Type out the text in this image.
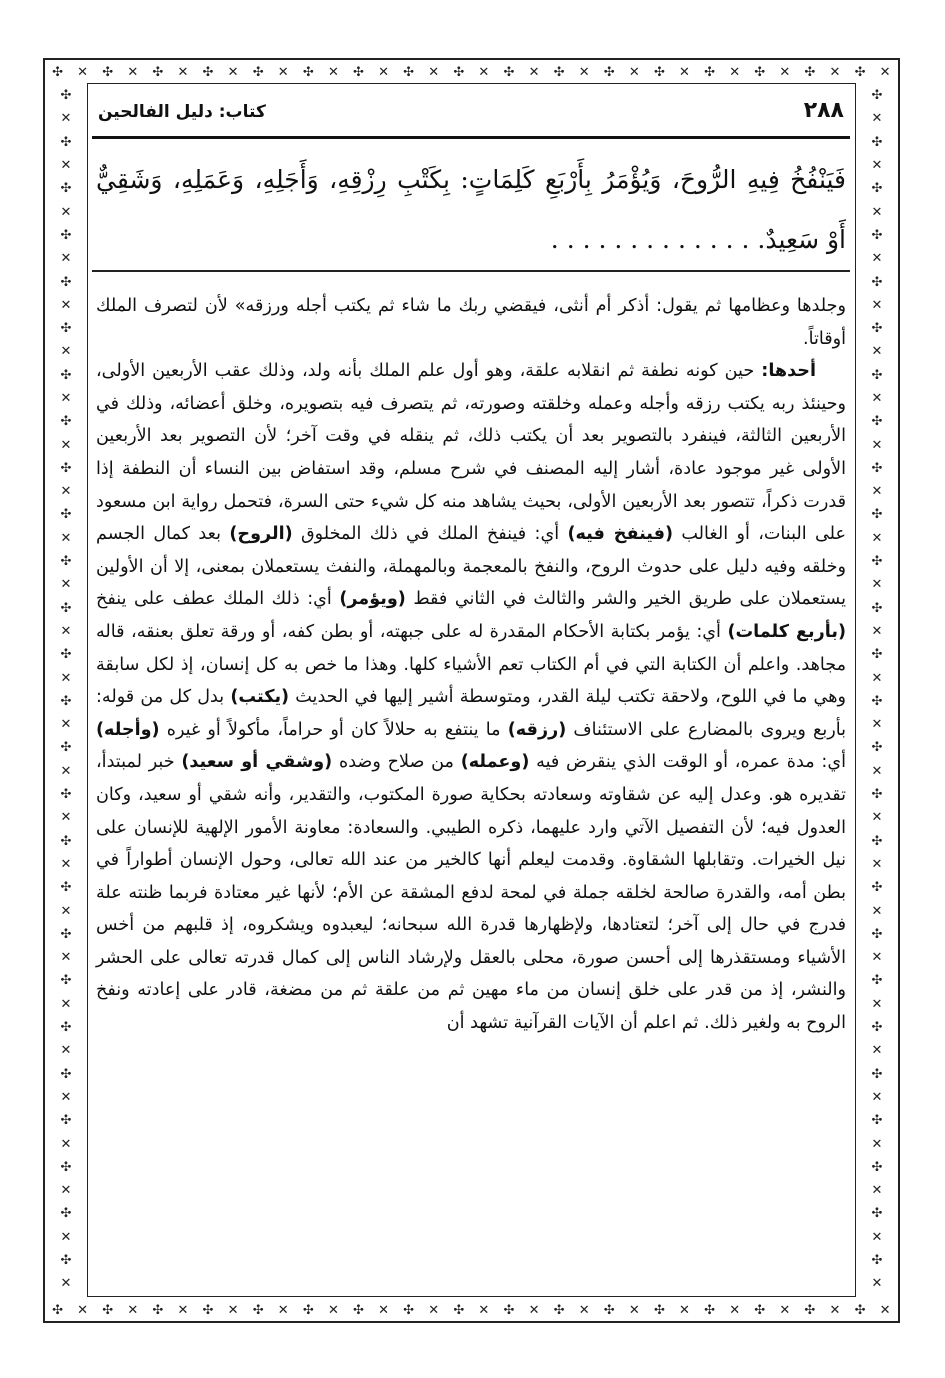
✣ ✕ ✣ ✕ ✣ ✕ ✣ ✕ ✣ ✕ ✣ ✕ ✣ ✕ ✣ ✕ ✣ ✕ ✣ ✕ ✣ ✕ ✣ ✕ ✣ ✕ ✣ ✕ ✣ ✕ ✣ ✕ ✣ ✕
✣ ✕ ✣ ✕ ✣ ✕ ✣ ✕ ✣ ✕ ✣ ✕ ✣ ✕ ✣ ✕ ✣ ✕ ✣ ✕ ✣ ✕ ✣ ✕ ✣ ✕ ✣ ✕ ✣ ✕ ✣ ✕ ✣ ✕
✣
✕
✣
✕
✣
✕
✣
✕
✣
✕
✣
✕
✣
✕
✣
✕
✣
✕
✣
✕
✣
✕
✣
✕
✣
✕
✣
✕
✣
✕
✣
✕
✣
✕
✣
✕
✣
✕
✣
✕
✣
✕
✣
✕
✣
✕
✣
✕
✣
✕
✣
✕
✣
✕
✣
✕
✣
✕
✣
✕
✣
✕
✣
✕
✣
✕
✣
✕
✣
✕
✣
✕
✣
✕
✣
✕
✣
✕
✣
✕
✣
✕
✣
✕
✣
✕
✣
✕
✣
✕
✣
✕
✣
✕
✣
✕
✣
✕
✣
✕
✣
✕
✣
✕
٢٨٨
كتاب: دليل الفالحين
فَيَنْفُخُ فِيهِ الرُّوحَ، وَيُؤْمَرُ بِأَرْبَعِ كَلِمَاتٍ: بِكَتْبِ رِزْقِهِ، وَأَجَلِهِ، وَعَمَلِهِ، وَشَقِيٌّ أَوْ سَعِيدٌ. . . . . . . . . . . . . .

وجلدها وعظامها ثم يقول: أذكر أم أنثى، فيقضي ربك ما شاء ثم يكتب أجله ورزقه» لأن لتصرف الملك أوقاتاً.

أحدها: حين كونه نطفة ثم انقلابه علقة، وهو أول علم الملك بأنه ولد، وذلك عقب الأربعين الأولى، وحينئذ ربه يكتب رزقه وأجله وعمله وخلقته وصورته، ثم يتصرف فيه بتصويره، وخلق أعضائه، وذلك في الأربعين الثالثة، فينفرد بالتصوير بعد أن يكتب ذلك، ثم ينقله في وقت آخر؛ لأن التصوير بعد الأربعين الأولى غير موجود عادة، أشار إليه المصنف في شرح مسلم، وقد استفاض بين النساء أن النطفة إذا قدرت ذكراً، تتصور بعد الأربعين الأولى، بحيث يشاهد منه كل شيء حتى السرة، فتحمل رواية ابن مسعود على البنات، أو الغالب (فينفخ فيه) أي: فينفخ الملك في ذلك المخلوق (الروح) بعد كمال الجسم وخلقه وفيه دليل على حدوث الروح، والنفخ بالمعجمة وبالمهملة، والنفث يستعملان بمعنى، إلا أن الأولين يستعملان على طريق الخير والشر والثالث في الثاني فقط (ويؤمر) أي: ذلك الملك عطف على ينفخ (بأربع كلمات) أي: يؤمر بكتابة الأحكام المقدرة له على جبهته، أو بطن كفه، أو ورقة تعلق بعنقه، قاله مجاهد. واعلم أن الكتابة التي في أم الكتاب تعم الأشياء كلها. وهذا ما خص به كل إنسان، إذ لكل سابقة وهي ما في اللوح، ولاحقة تكتب ليلة القدر، ومتوسطة أشير إليها في الحديث (يكتب) بدل كل من قوله: بأربع ويروى بالمضارع على الاستئناف (رزقه) ما ينتفع به حلالاً كان أو حراماً، مأكولاً أو غيره (وأجله) أي: مدة عمره، أو الوقت الذي ينقرض فيه (وعمله) من صلاح وضده (وشقي أو سعيد) خبر لمبتدأ، تقديره هو. وعدل إليه عن شقاوته وسعادته بحكاية صورة المكتوب، والتقدير، وأنه شقي أو سعيد، وكان العدول فيه؛ لأن التفصيل الآتي وارد عليهما، ذكره الطيبي. والسعادة: معاونة الأمور الإلهية للإنسان على نيل الخيرات. وتقابلها الشقاوة. وقدمت ليعلم أنها كالخير من عند الله تعالى، وحول الإنسان أطواراً في بطن أمه، والقدرة صالحة لخلقه جملة في لمحة لدفع المشقة عن الأم؛ لأنها غير معتادة فربما ظنته علة فدرج في حال إلى آخر؛ لتعتادها، ولإظهارها قدرة الله سبحانه؛ ليعبدوه ويشكروه، إذ قلبهم من أخس الأشياء ومستقذرها إلى أحسن صورة، محلى بالعقل ولإرشاد الناس إلى كمال قدرته تعالى على الحشر والنشر، إذ من قدر على خلق إنسان من ماء مهين ثم من علقة ثم من مضغة، قادر على إعادته ونفخ الروح به ولغير ذلك. ثم اعلم أن الآيات القرآنية تشهد أن
